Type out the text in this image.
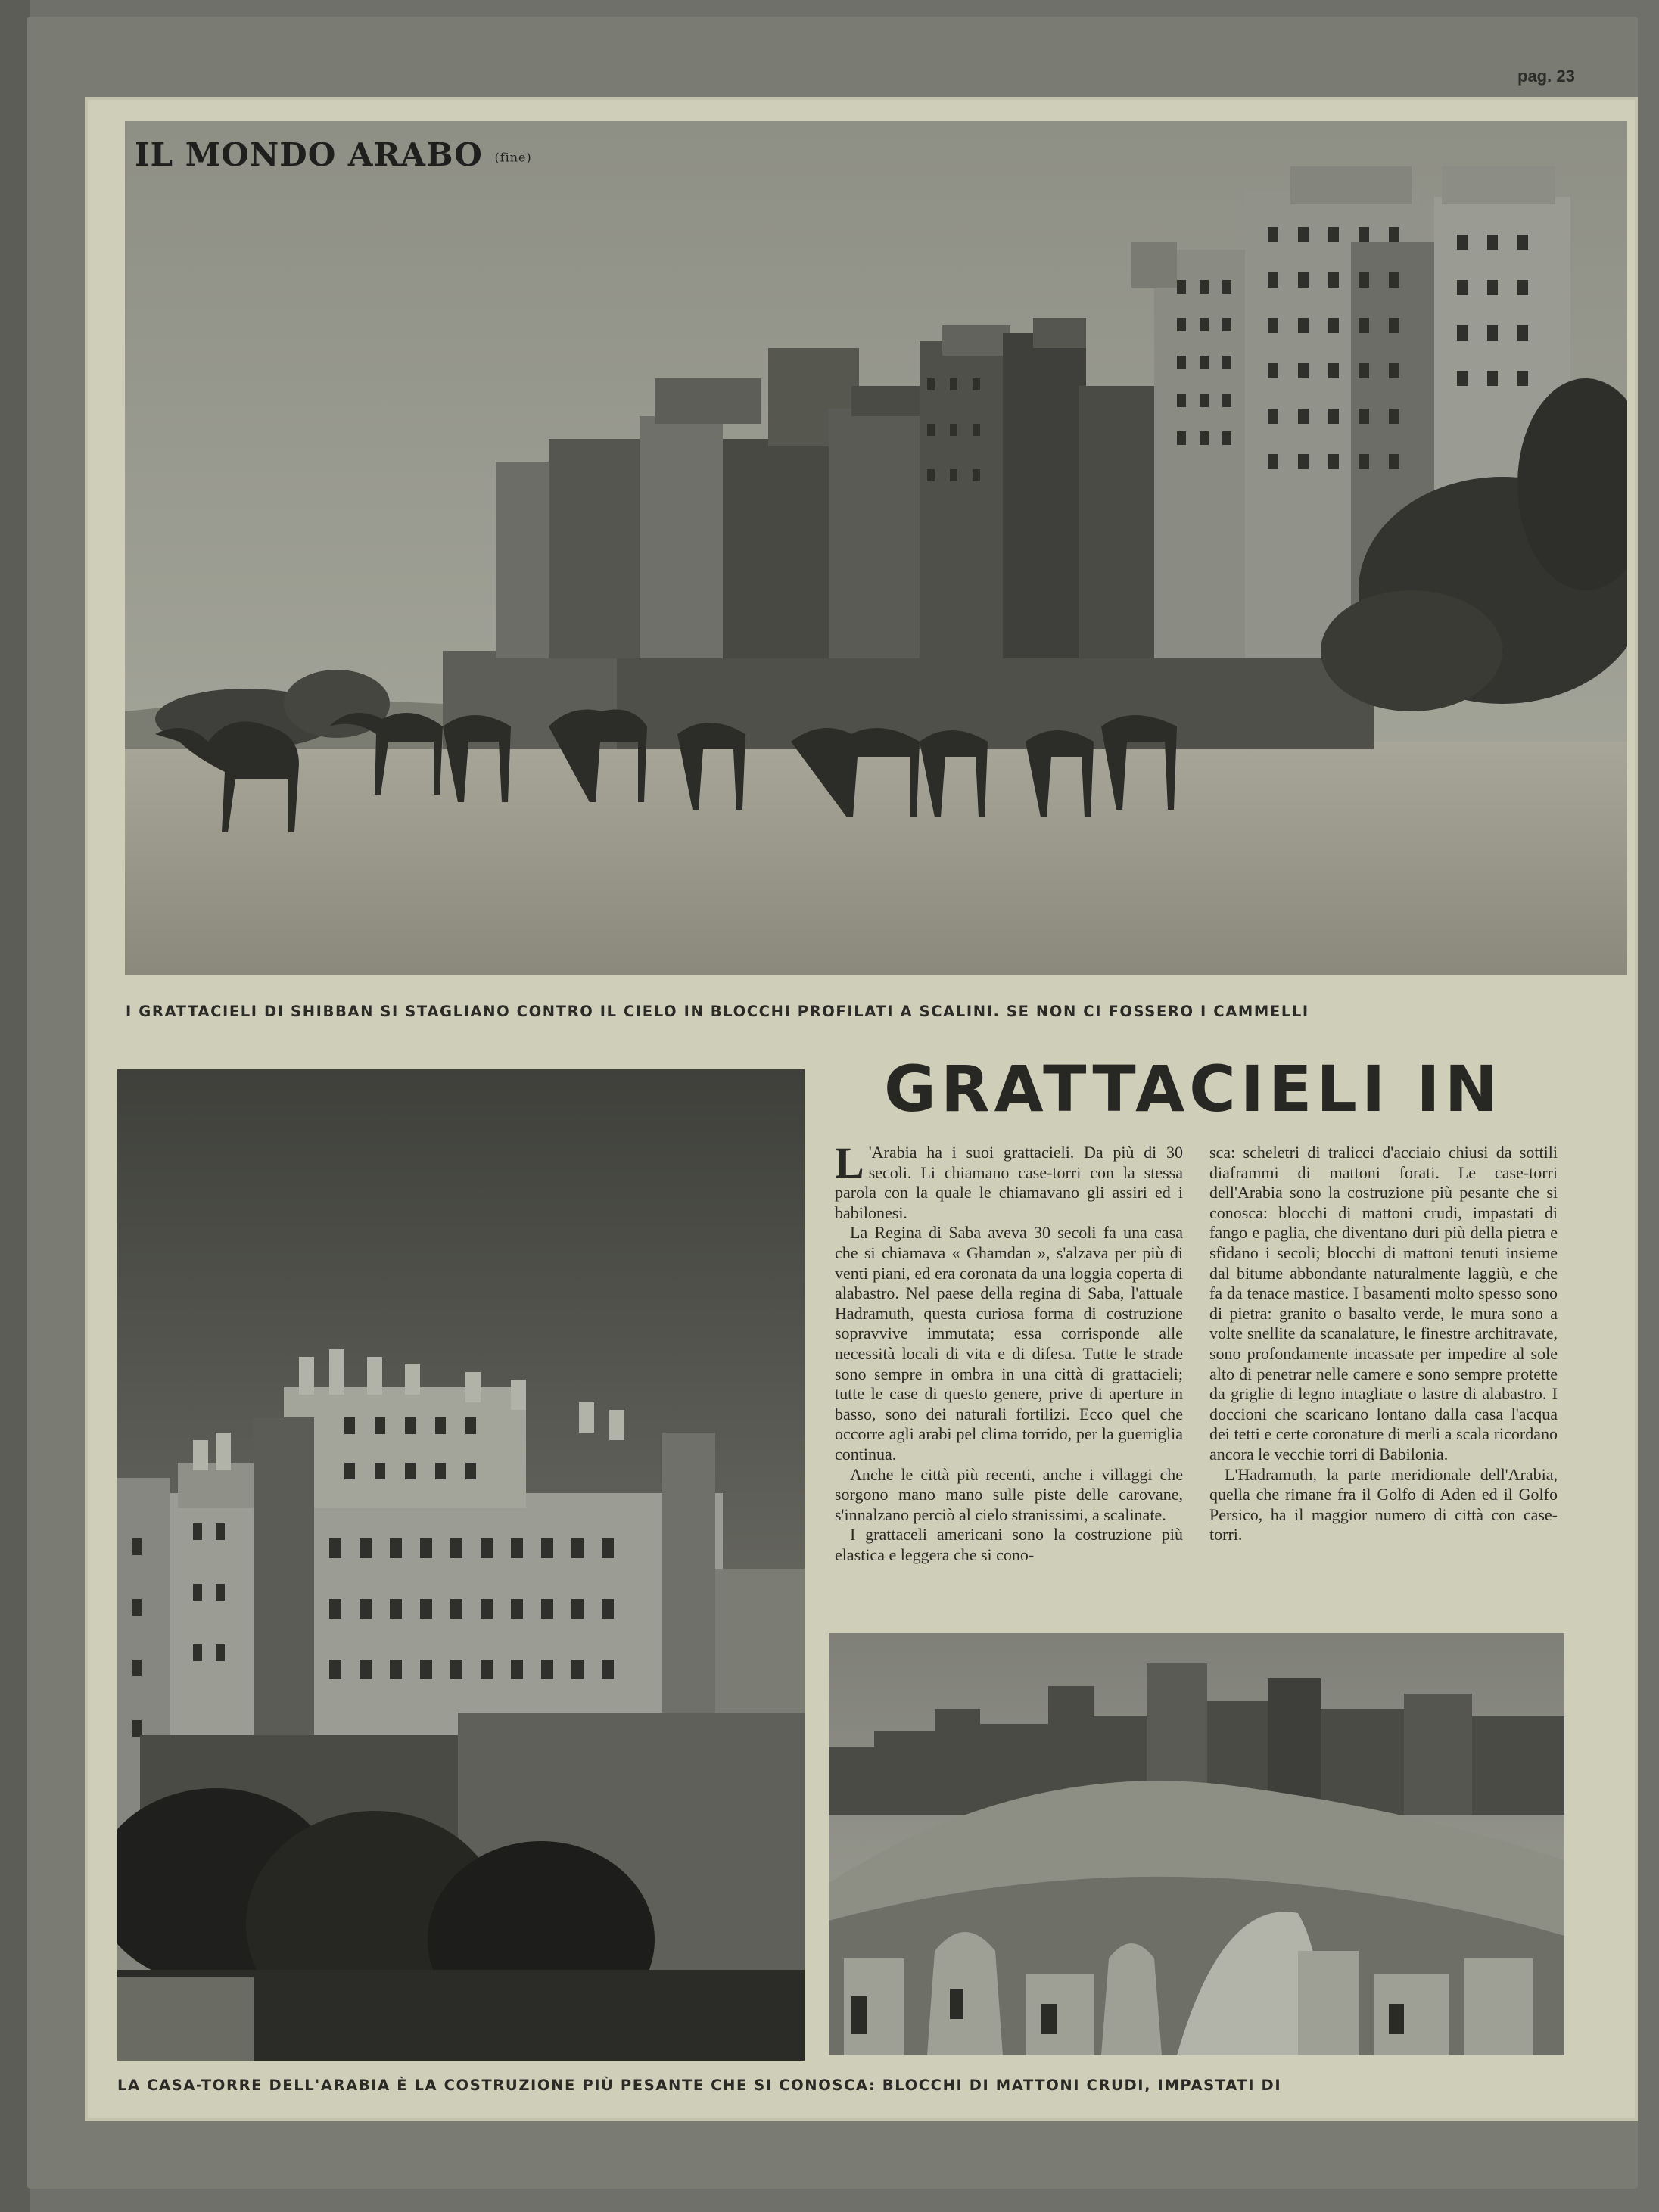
pag. 23
IL MONDO ARABO (fine)
I GRATTACIELI DI SHIBBAN SI STAGLIANO CONTRO IL CIELO IN BLOCCHI PROFILATI A SCALINI. SE NON CI FOSSERO I CAMMELLI
GRATTACIELI IN

L 'Arabia ha i suoi grattacieli. Da più di 30 secoli. Li chiamano case-torri con la stessa parola con la quale le chiamavano gli assiri ed i babilonesi.

La Regina di Saba aveva 30 secoli fa una casa che si chiamava « Ghamdan », s'alzava per più di venti piani, ed era coronata da una loggia coperta di alabastro. Nel paese della regina di Saba, l'attuale Hadramuth, questa curiosa forma di costruzione sopravvive immutata; essa corrisponde alle necessità locali di vita e di difesa. Tutte le strade sono sempre in ombra in una città di grattacieli; tutte le case di questo genere, prive di aperture in basso, sono dei naturali fortilizi. Ecco quel che occorre agli arabi pel clima torrido, per la guerriglia continua.

Anche le città più recenti, anche i villaggi che sorgono mano mano sulle piste delle carovane, s'innalzano perciò al cielo stranissimi, a scalinate.

I grattaceli americani sono la costruzione più elastica e leggera che si cono-

sca: scheletri di tralicci d'acciaio chiusi da sottili diaframmi di mattoni forati. Le case-torri dell'Arabia sono la costruzione più pesante che si conosca: blocchi di mattoni crudi, impastati di fango e paglia, che diventano duri più della pietra e sfidano i secoli; blocchi di mattoni tenuti insieme dal bitume abbondante naturalmente laggiù, e che fa da tenace mastice. I basamenti molto spesso sono di pietra: granito o basalto verde, le mura sono a volte snellite da scanalature, le finestre architravate, sono profondamente incassate per impedire al sole alto di penetrar nelle camere e sono sempre protette da griglie di legno intagliate o lastre di alabastro. I doccioni che scaricano lontano dalla casa l'acqua dei tetti e certe coronature di merli a scala ricordano ancora le vecchie torri di Babilonia.

L'Hadramuth, la parte meridionale dell'Arabia, quella che rimane fra il Golfo di Aden ed il Golfo Persico, ha il maggior numero di città con case-torri.

LA CASA-TORRE DELL'ARABIA È LA COSTRUZIONE PIÙ PESANTE CHE SI CONOSCA: BLOCCHI DI MATTONI CRUDI, IMPASTATI DI
